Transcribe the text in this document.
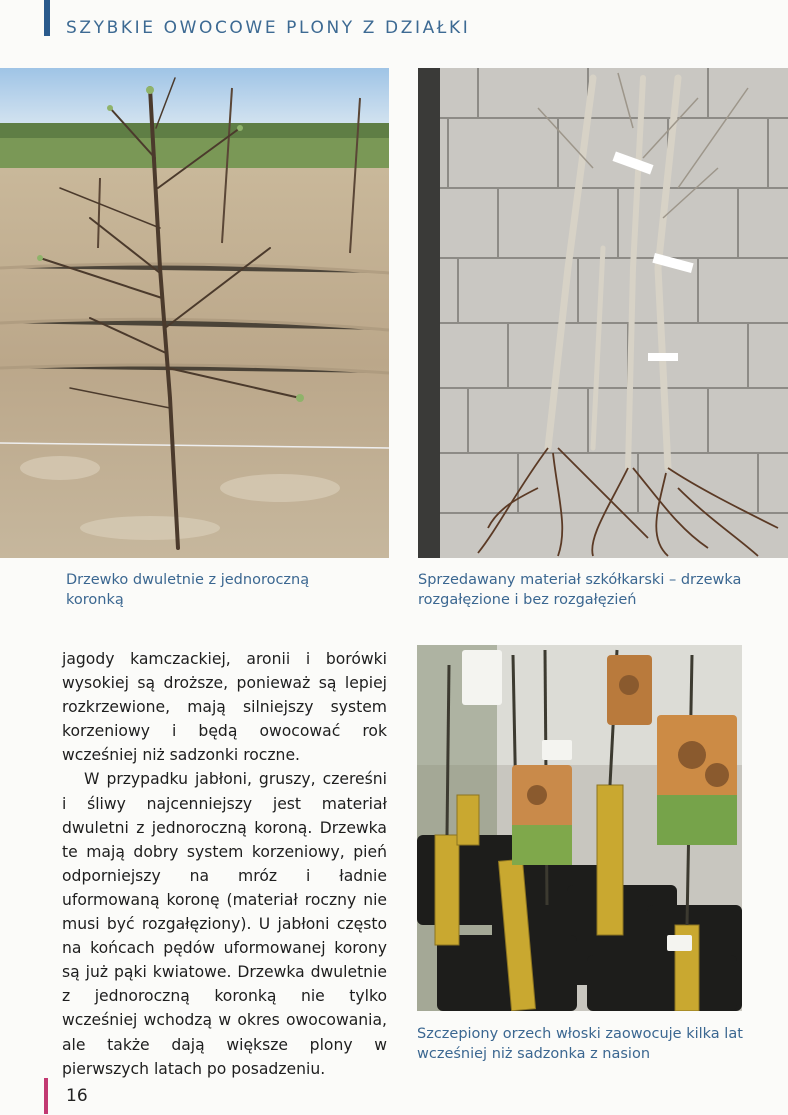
SZYBKIE OWOCOWE PLONY Z DZIAŁKI
Drzewko dwuletnie z jednoroczną koronką
Sprzedawany materiał szkółkarski – drzewka rozgałęzione i bez rozgałęzień

jagody kamczackiej, aronii i borówki wysokiej są droższe, ponieważ są lepiej rozkrzewione, mają silniejszy system korzeniowy i będą owocować rok wcześniej niż sadzonki roczne.

W przypadku jabłoni, gruszy, czereśni i śliwy najcenniejszy jest materiał dwuletni z jednoroczną koroną. Drzewka te mają dobry system korzeniowy, pień odporniejszy na mróz i ładnie uformowaną koronę (materiał roczny nie musi być rozgałęziony). U jabłoni często na końcach pędów uformowanej korony są już pąki kwiatowe. Drzewka dwuletnie z jednoroczną koronką nie tylko wcześniej wchodzą w okres owocowania, ale także dają większe plony w pierwszych latach po posadzeniu.

Szczepiony orzech włoski zaowocuje kilka lat wcześniej niż sadzonka z nasion
16
